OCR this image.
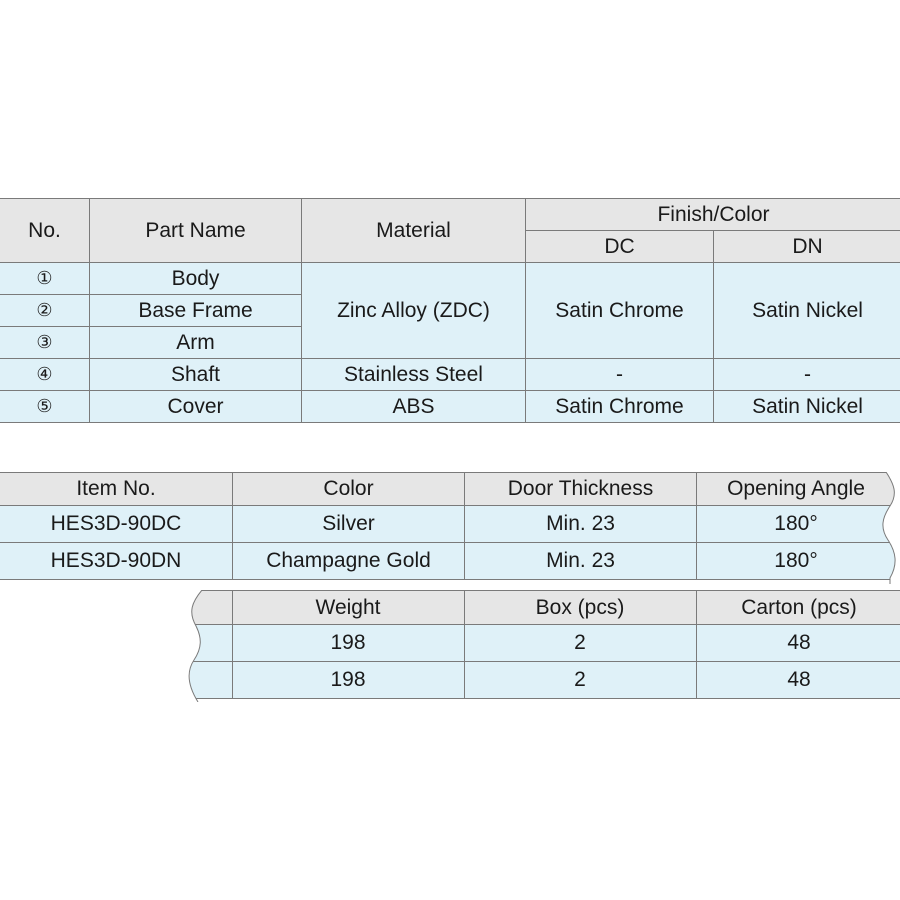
No.	Part Name	Material	Finish/Color	
			DC	DN
①	Body	Zinc Alloy (ZDC)	Satin Chrome	Satin Nickel
②	Base Frame			
③	Arm			
④	Shaft	Stainless Steel	-	-
⑤	Cover	ABS	Satin Chrome	Satin Nickel
Item No.	Color	Door Thickness	Opening Angle
HES3D-90DC	Silver	Min. 23	180°
HES3D-90DN	Champagne Gold	Min. 23	180°
	Weight	Box (pcs)	Carton (pcs)
	198	2	48
	198	2	48
